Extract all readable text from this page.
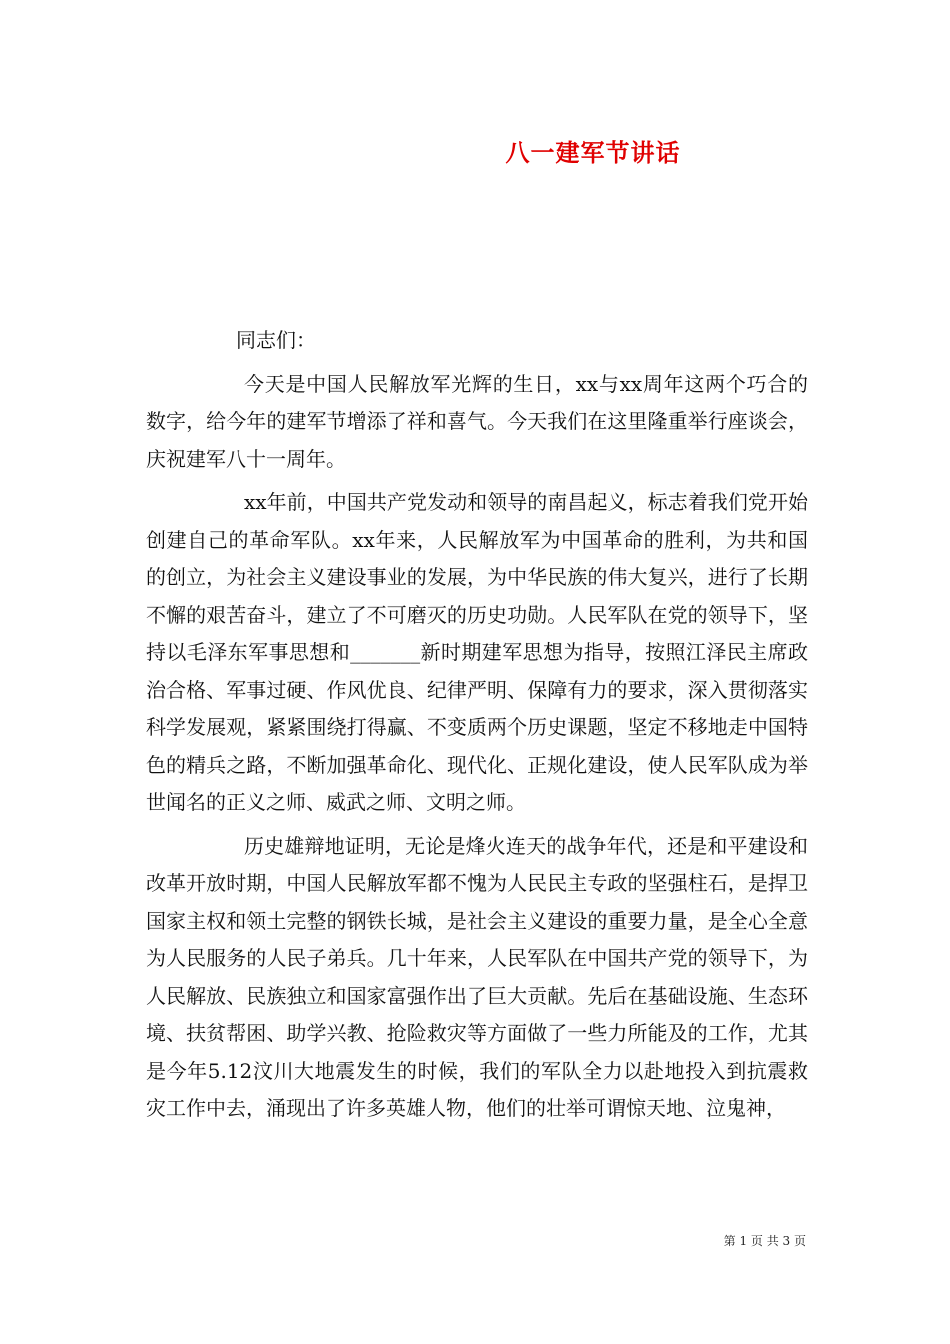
八一建军节讲话

同志们：

今天是中国人民解放军光辉的生日，xx与xx周年这两个巧合的数字，给今年的建军节增添了祥和喜气。今天我们在这里隆重举行座谈会，庆祝建军八十一周年。

xx年前，中国共产党发动和领导的南昌起义，标志着我们党开始创建自己的革命军队。xx年来，人民解放军为中国革命的胜利，为共和国的创立，为社会主义建设事业的发展，为中华民族的伟大复兴，进行了长期不懈的艰苦奋斗，建立了不可磨灭的历史功勋。人民军队在党的领导下，坚持以毛泽东军事思想和_______新时期建军思想为指导，按照江泽民主席政治合格、军事过硬、作风优良、纪律严明、保障有力的要求，深入贯彻落实科学发展观，紧紧围绕打得赢、不变质两个历史课题，坚定不移地走中国特色的精兵之路，不断加强革命化、现代化、正规化建设，使人民军队成为举世闻名的正义之师、威武之师、文明之师。

历史雄辩地证明，无论是烽火连天的战争年代，还是和平建设和改革开放时期，中国人民解放军都不愧为人民民主专政的坚强柱石，是捍卫国家主权和领土完整的钢铁长城，是社会主义建设的重要力量，是全心全意为人民服务的人民子弟兵。几十年来，人民军队在中国共产党的领导下，为人民解放、民族独立和国家富强作出了巨大贡献。先后在基础设施、生态环境、扶贫帮困、助学兴教、抢险救灾等方面做了一些力所能及的工作，尤其是今年5.12汶川大地震发生的时候，我们的军队全力以赴地投入到抗震救灾工作中去，涌现出了许多英雄人物，他们的壮举可谓惊天地、泣鬼神，

第 1 页 共 3 页
